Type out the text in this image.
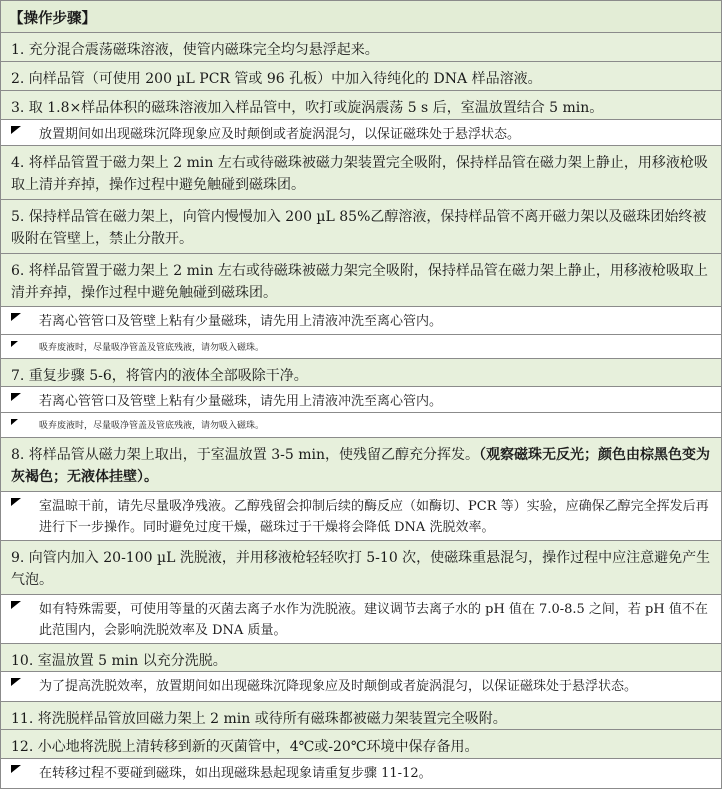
【操作步骤】
1. 充分混合震荡磁珠溶液，使管内磁珠完全均匀悬浮起来。
2. 向样品管（可使用 200 µL PCR 管或 96 孔板）中加入待纯化的 DNA 样品溶液。
3. 取 1.8×样品体积的磁珠溶液加入样品管中，吹打或旋涡震荡 5 s 后，室温放置结合 5 min。
放置期间如出现磁珠沉降现象应及时颠倒或者旋涡混匀，以保证磁珠处于悬浮状态。
4. 将样品管置于磁力架上 2 min 左右或待磁珠被磁力架装置完全吸附，保持样品管在磁力架上静止，用移液枪吸取上清并弃掉，操作过程中避免触碰到磁珠团。
5. 保持样品管在磁力架上，向管内慢慢加入 200 µL 85%乙醇溶液，保持样品管不离开磁力架以及磁珠团始终被吸附在管壁上，禁止分散开。
6. 将样品管置于磁力架上 2 min 左右或待磁珠被磁力架完全吸附，保持样品管在磁力架上静止，用移液枪吸取上清并弃掉，操作过程中避免触碰到磁珠团。
若离心管管口及管壁上粘有少量磁珠，请先用上清液冲洗至离心管内。
吸弃废液时，尽量吸净管盖及管底残液，请勿吸入磁珠。
7. 重复步骤 5-6，将管内的液体全部吸除干净。
若离心管管口及管壁上粘有少量磁珠，请先用上清液冲洗至离心管内。
吸弃废液时，尽量吸净管盖及管底残液，请勿吸入磁珠。
8. 将样品管从磁力架上取出，于室温放置 3-5 min，使残留乙醇充分挥发。（观察磁珠无反光；颜色由棕黑色变为灰褐色；无液体挂壁）。
室温晾干前，请先尽量吸净残液。乙醇残留会抑制后续的酶反应（如酶切、PCR 等）实验，应确保乙醇完全挥发后再进行下一步操作。同时避免过度干燥，磁珠过于干燥将会降低 DNA 洗脱效率。
9. 向管内加入 20-100 µL 洗脱液，并用移液枪轻轻吹打 5-10 次，使磁珠重悬混匀，操作过程中应注意避免产生气泡。
如有特殊需要，可使用等量的灭菌去离子水作为洗脱液。建议调节去离子水的 pH 值在 7.0-8.5 之间，若 pH 值不在此范围内，会影响洗脱效率及 DNA 质量。
10. 室温放置 5 min 以充分洗脱。
为了提高洗脱效率，放置期间如出现磁珠沉降现象应及时颠倒或者旋涡混匀，以保证磁珠处于悬浮状态。
11. 将洗脱样品管放回磁力架上 2 min 或待所有磁珠都被磁力架装置完全吸附。
12. 小心地将洗脱上清转移到新的灭菌管中，4℃或-20℃环境中保存备用。
在转移过程不要碰到磁珠，如出现磁珠悬起现象请重复步骤 11-12。
